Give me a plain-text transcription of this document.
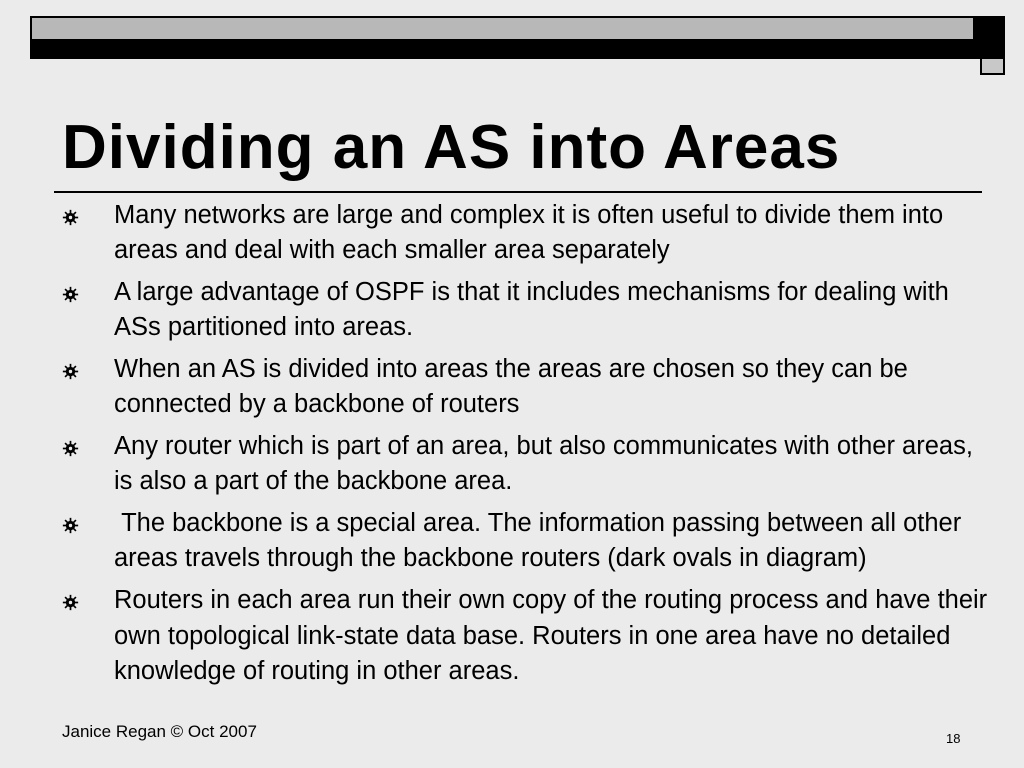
Dividing an AS into Areas
Many networks are large and complex it is often useful to divide them into areas and deal with each smaller area separately
A large advantage of OSPF is that it includes mechanisms for dealing with ASs partitioned into areas.
When an AS is divided into areas the areas are chosen so they can be connected by a backbone of routers
Any router which is part of an area, but also communicates with other areas, is also a part of the backbone area.
The backbone is a special area. The information passing between all other areas travels through the backbone routers (dark ovals in diagram)
Routers in each area run their own copy of the routing process and have their own topological link-state data base. Routers in one area have no detailed knowledge of routing in other areas.
Janice Regan © Oct 2007	18
